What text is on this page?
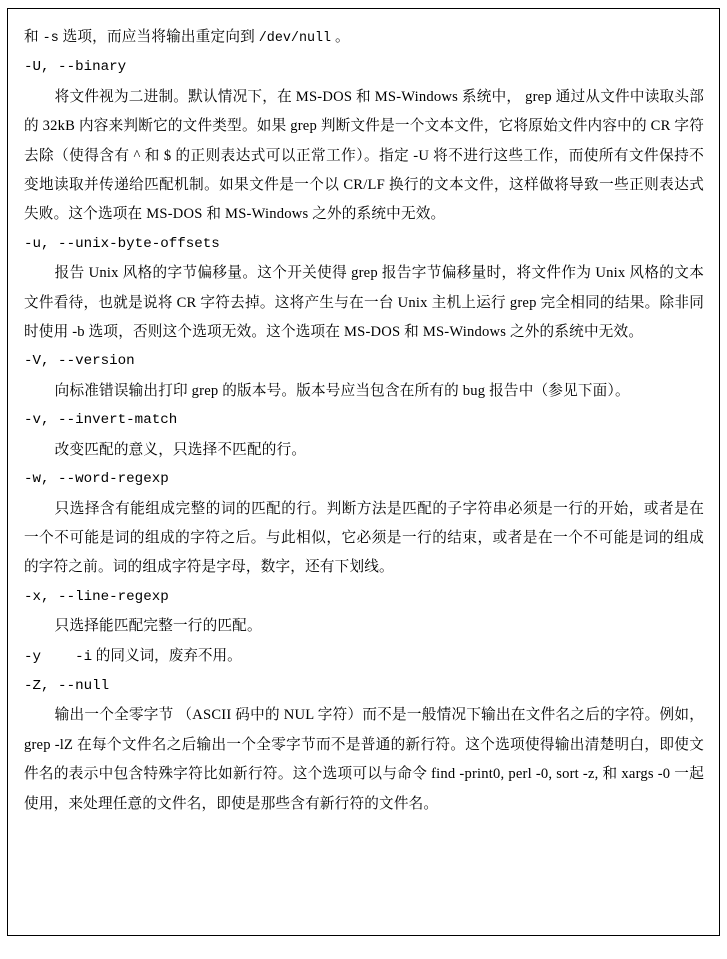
和 -s 选项，而应当将输出重定向到 /dev/null 。

-U, --binary

将文件视为二进制。默认情况下，在 MS-DOS 和 MS-Windows 系统中， grep 通过从文件中读取头部的 32kB 内容来判断它的文件类型。如果 grep 判断文件是一个文本文件，它将原始文件内容中的 CR 字符去除（使得含有 ^ 和 $ 的正则表达式可以正常工作）。指定 -U 将不进行这些工作，而使所有文件保持不变地读取并传递给匹配机制。如果文件是一个以 CR/LF 换行的文本文件，这样做将导致一些正则表达式失败。这个选项在 MS-DOS 和 MS-Windows 之外的系统中无效。

-u, --unix-byte-offsets

报告 Unix 风格的字节偏移量。这个开关使得 grep 报告字节偏移量时，将文件作为 Unix 风格的文本文件看待，也就是说将 CR 字符去掉。这将产生与在一台 Unix 主机上运行 grep 完全相同的结果。除非同时使用 -b 选项，否则这个选项无效。这个选项在 MS-DOS 和 MS-Windows 之外的系统中无效。

-V, --version

向标准错误输出打印 grep 的版本号。版本号应当包含在所有的 bug 报告中（参见下面）。

-v, --invert-match

改变匹配的意义，只选择不匹配的行。

-w, --word-regexp

只选择含有能组成完整的词的匹配的行。判断方法是匹配的子字符串必须是一行的开始，或者是在一个不可能是词的组成的字符之后。与此相似，它必须是一行的结束，或者是在一个不可能是词的组成的字符之前。词的组成字符是字母，数字，还有下划线。

-x, --line-regexp

只选择能匹配完整一行的匹配。

-y -i 的同义词，废弃不用。

-Z, --null

输出一个全零字节 （ASCII 码中的 NUL 字符）而不是一般情况下输出在文件名之后的字符。例如， grep -lZ 在每个文件名之后输出一个全零字节而不是普通的新行符。这个选项使得输出清楚明白，即使文件名的表示中包含特殊字符比如新行符。这个选项可以与命令 find -print0, perl -0, sort -z, 和 xargs -0 一起使用，来处理任意的文件名，即使是那些含有新行符的文件名。
